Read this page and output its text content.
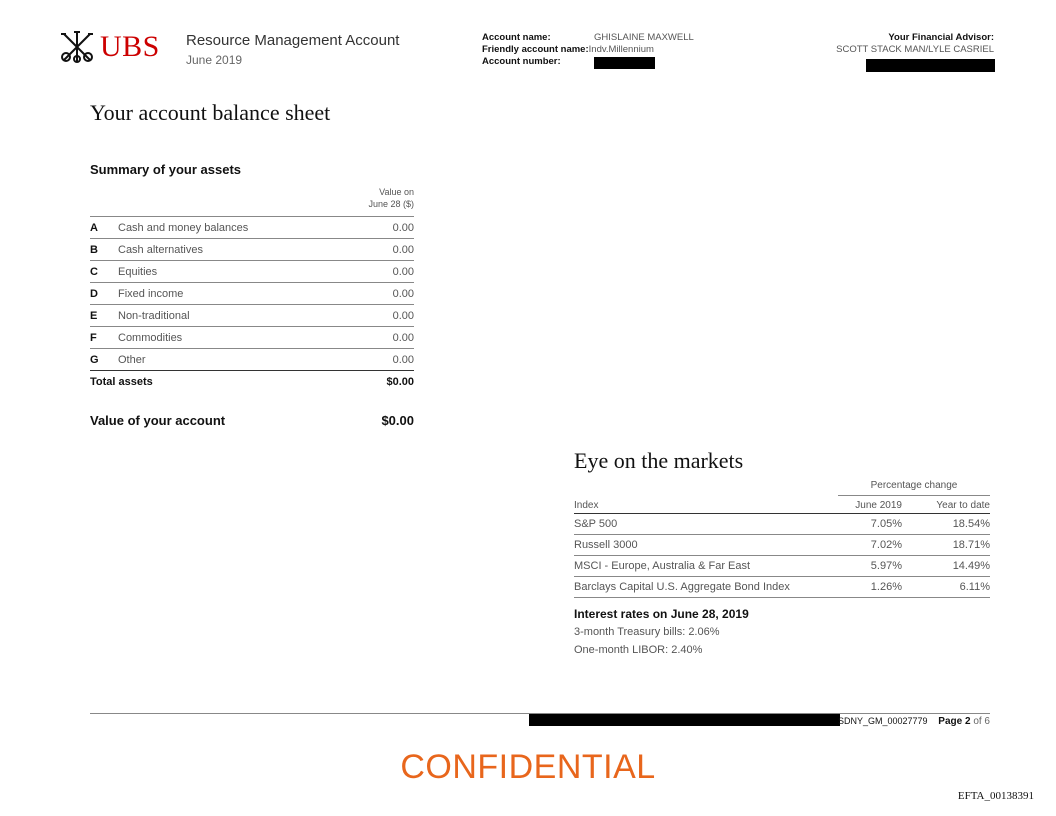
UBS Resource Management Account
June 2019
Account name:	GHISLAINE MAXWELL
Friendly account name: Indv.Millennium
Account number:
Your Financial Advisor:
SCOTT STACK MAN/LYLE CASRIEL
Your account balance sheet
Summary of your assets
Value on
June 28 ($)
A	Cash and money balances	0.00
B	Cash alternatives	0.00
C	Equities	0.00
D	Fixed income	0.00
E	Non-traditional	0.00
F	Commodities	0.00
G	Other	0.00
Total assets	$0.00
Value of your account	$0.00
Eye on the markets
Percentage change
Index	June 2019	Year to date
S&P 500	7.05%	18.54%
Russell 3000	7.02%	18.71%
MSCI - Europe, Australia & Far East	5.97%	14.49%
Barclays Capital U.S. Aggregate Bond Index	1.26%	6.11%
Interest rates on June 28, 2019
3-month Treasury bills: 2.06%
One-month LIBOR: 2.40%
SDNY_GM_00027779 Page 2 of 6
CONFIDENTIAL
EFTA_00138391
